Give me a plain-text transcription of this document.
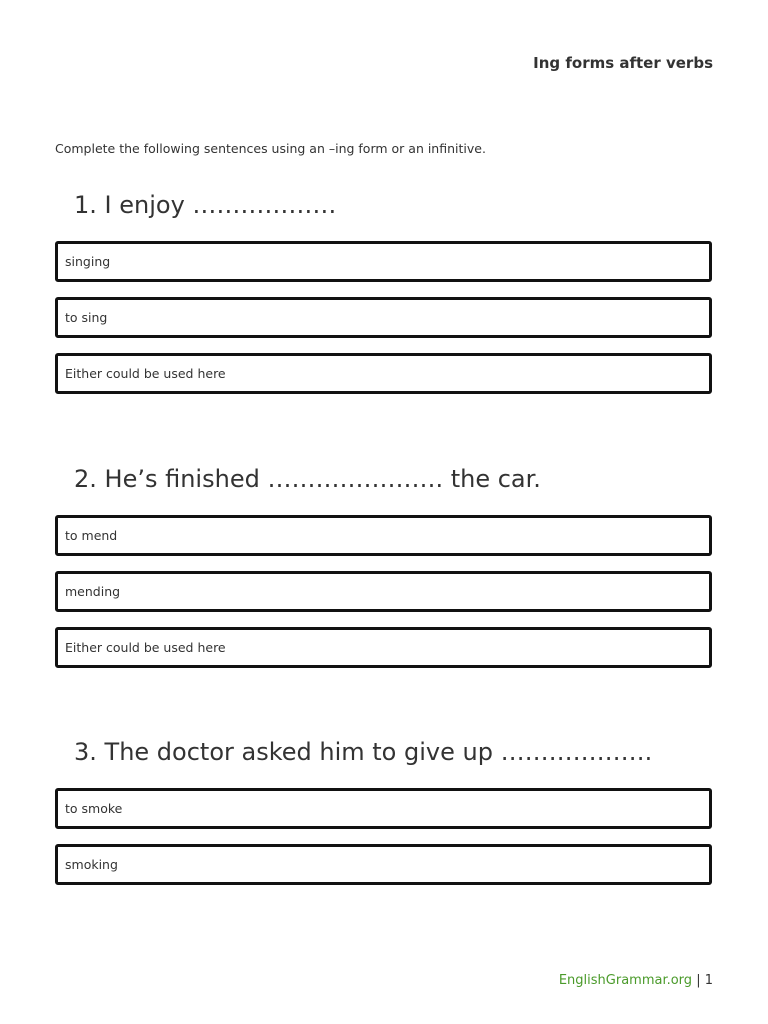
Ing forms after verbs
Complete the following sentences using an –ing form or an infinitive.
1. I enjoy ………………
singing
to sing
Either could be used here
2. He’s finished …………………. the car.
to mend
mending
Either could be used here
3. The doctor asked him to give up ……………….
to smoke
smoking
EnglishGrammar.org | 1
